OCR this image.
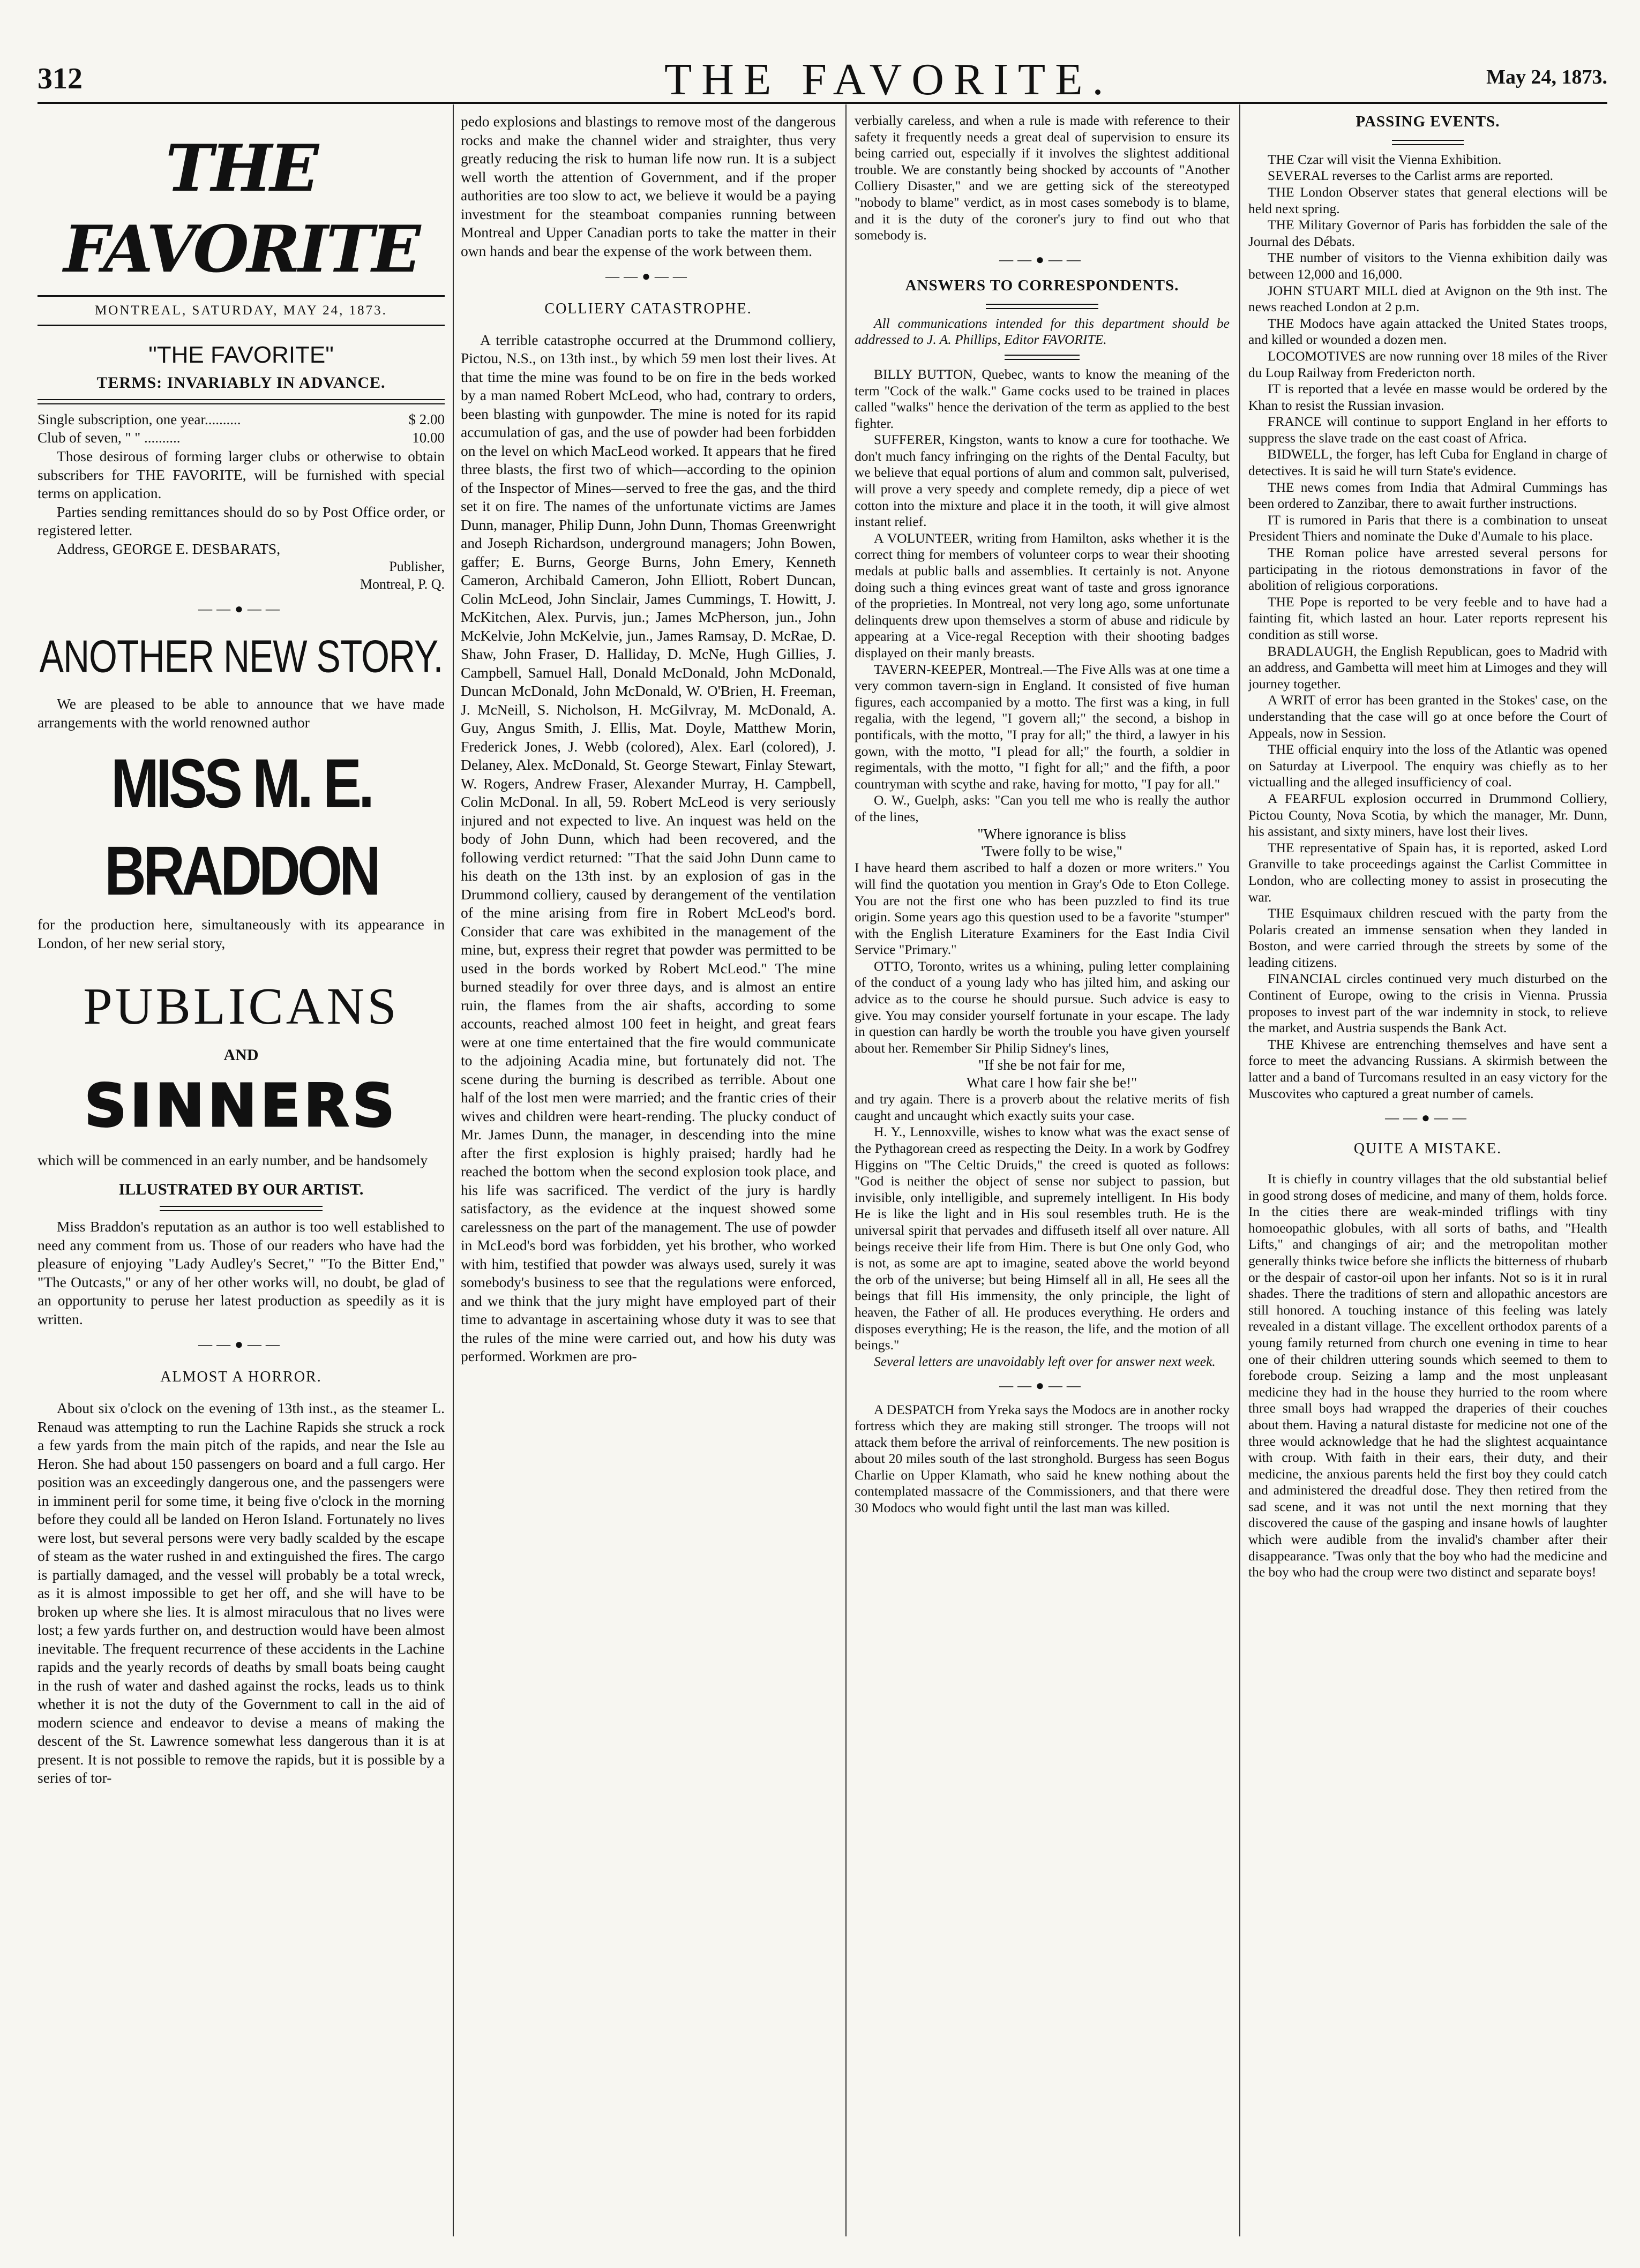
312	THE FAVORITE.	May 24, 1873.
THE FAVORITE
MONTREAL, SATURDAY, MAY 24, 1873.
"THE FAVORITE"
TERMS: INVARIABLY IN ADVANCE.
Single subscription, one year..........	$ 2.00
Club of seven, " " ..........	10.00

Those desirous of forming larger clubs or otherwise to obtain subscribers for THE FAVORITE, will be furnished with special terms on application.

Parties sending remittances should do so by Post Office order, or registered letter.

Address, GEORGE E. DESBARATS,

Publisher,
Montreal, P. Q.
——●——
ANOTHER NEW STORY.

We are pleased to be able to announce that we have made arrangements with the world renowned author

MISS M. E. BRADDON

for the production here, simultaneously with its appearance in London, of her new serial story,

PUBLICANS
AND
SINNERS

which will be commenced in an early number, and be handsomely

ILLUSTRATED BY OUR ARTIST.

Miss Braddon's reputation as an author is too well established to need any comment from us. Those of our readers who have had the pleasure of enjoying "Lady Audley's Secret," "To the Bitter End," "The Outcasts," or any of her other works will, no doubt, be glad of an opportunity to peruse her latest production as speedily as it is written.

——●——
ALMOST A HORROR.

About six o'clock on the evening of 13th inst., as the steamer L. Renaud was attempting to run the Lachine Rapids she struck a rock a few yards from the main pitch of the rapids, and near the Isle au Heron. She had about 150 passengers on board and a full cargo. Her position was an exceedingly dangerous one, and the passengers were in imminent peril for some time, it being five o'clock in the morning before they could all be landed on Heron Island. Fortunately no lives were lost, but several persons were very badly scalded by the escape of steam as the water rushed in and extinguished the fires. The cargo is partially damaged, and the vessel will probably be a total wreck, as it is almost impossible to get her off, and she will have to be broken up where she lies. It is almost miraculous that no lives were lost; a few yards further on, and destruction would have been almost inevitable. The frequent recurrence of these accidents in the Lachine rapids and the yearly records of deaths by small boats being caught in the rush of water and dashed against the rocks, leads us to think whether it is not the duty of the Government to call in the aid of modern science and endeavor to devise a means of making the descent of the St. Lawrence somewhat less dangerous than it is at present. It is not possible to remove the rapids, but it is possible by a series of tor-

pedo explosions and blastings to remove most of the dangerous rocks and make the channel wider and straighter, thus very greatly reducing the risk to human life now run. It is a subject well worth the attention of Government, and if the proper authorities are too slow to act, we believe it would be a paying investment for the steamboat companies running between Montreal and Upper Canadian ports to take the matter in their own hands and bear the expense of the work between them.

——●——
COLLIERY CATASTROPHE.

A terrible catastrophe occurred at the Drummond colliery, Pictou, N.S., on 13th inst., by which 59 men lost their lives. At that time the mine was found to be on fire in the beds worked by a man named Robert McLeod, who had, contrary to orders, been blasting with gunpowder. The mine is noted for its rapid accumulation of gas, and the use of powder had been forbidden on the level on which MacLeod worked. It appears that he fired three blasts, the first two of which—according to the opinion of the Inspector of Mines—served to free the gas, and the third set it on fire. The names of the unfortunate victims are James Dunn, manager, Philip Dunn, John Dunn, Thomas Greenwright and Joseph Richardson, underground managers; John Bowen, gaffer; E. Burns, George Burns, John Emery, Kenneth Cameron, Archibald Cameron, John Elliott, Robert Duncan, Colin McLeod, John Sinclair, James Cummings, T. Howitt, J. McKitchen, Alex. Purvis, jun.; James McPherson, jun., John McKelvie, John McKelvie, jun., James Ramsay, D. McRae, D. Shaw, John Fraser, D. Halliday, D. McNe, Hugh Gillies, J. Campbell, Samuel Hall, Donald McDonald, John McDonald, Duncan McDonald, John McDonald, W. O'Brien, H. Freeman, J. McNeill, S. Nicholson, H. McGilvray, M. McDonald, A. Guy, Angus Smith, J. Ellis, Mat. Doyle, Matthew Morin, Frederick Jones, J. Webb (colored), Alex. Earl (colored), J. Delaney, Alex. McDonald, St. George Stewart, Finlay Stewart, W. Rogers, Andrew Fraser, Alexander Murray, H. Campbell, Colin McDonal. In all, 59. Robert McLeod is very seriously injured and not expected to live. An inquest was held on the body of John Dunn, which had been recovered, and the following verdict returned: "That the said John Dunn came to his death on the 13th inst. by an explosion of gas in the Drummond colliery, caused by derangement of the ventilation of the mine arising from fire in Robert McLeod's bord. Consider that care was exhibited in the management of the mine, but, express their regret that powder was permitted to be used in the bords worked by Robert McLeod." The mine burned steadily for over three days, and is almost an entire ruin, the flames from the air shafts, according to some accounts, reached almost 100 feet in height, and great fears were at one time entertained that the fire would communicate to the adjoining Acadia mine, but fortunately did not. The scene during the burning is described as terrible. About one half of the lost men were married; and the frantic cries of their wives and children were heart-rending. The plucky conduct of Mr. James Dunn, the manager, in descending into the mine after the first explosion is highly praised; hardly had he reached the bottom when the second explosion took place, and his life was sacrificed. The verdict of the jury is hardly satisfactory, as the evidence at the inquest showed some carelessness on the part of the management. The use of powder in McLeod's bord was forbidden, yet his brother, who worked with him, testified that powder was always used, surely it was somebody's business to see that the regulations were enforced, and we think that the jury might have employed part of their time to advantage in ascertaining whose duty it was to see that the rules of the mine were carried out, and how his duty was performed. Workmen are pro-

verbially careless, and when a rule is made with reference to their safety it frequently needs a great deal of supervision to ensure its being carried out, especially if it involves the slightest additional trouble. We are constantly being shocked by accounts of "Another Colliery Disaster," and we are getting sick of the stereotyped "nobody to blame" verdict, as in most cases somebody is to blame, and it is the duty of the coroner's jury to find out who that somebody is.

——●——
ANSWERS TO CORRESPONDENTS.

All communications intended for this department should be addressed to J. A. Phillips, Editor FAVORITE.

BILLY BUTTON, Quebec, wants to know the meaning of the term "Cock of the walk." Game cocks used to be trained in places called "walks" hence the derivation of the term as applied to the best fighter.

SUFFERER, Kingston, wants to know a cure for toothache. We don't much fancy infringing on the rights of the Dental Faculty, but we believe that equal portions of alum and common salt, pulverised, will prove a very speedy and complete remedy, dip a piece of wet cotton into the mixture and place it in the tooth, it will give almost instant relief.

A VOLUNTEER, writing from Hamilton, asks whether it is the correct thing for members of volunteer corps to wear their shooting medals at public balls and assemblies. It certainly is not. Anyone doing such a thing evinces great want of taste and gross ignorance of the proprieties. In Montreal, not very long ago, some unfortunate delinquents drew upon themselves a storm of abuse and ridicule by appearing at a Vice-regal Reception with their shooting badges displayed on their manly breasts.

TAVERN-KEEPER, Montreal.—The Five Alls was at one time a very common tavern-sign in England. It consisted of five human figures, each accompanied by a motto. The first was a king, in full regalia, with the legend, "I govern all;" the second, a bishop in pontificals, with the motto, "I pray for all;" the third, a lawyer in his gown, with the motto, "I plead for all;" the fourth, a soldier in regimentals, with the motto, "I fight for all;" and the fifth, a poor countryman with scythe and rake, having for motto, "I pay for all."

O. W., Guelph, asks: "Can you tell me who is really the author of the lines,

"Where ignorance is bliss

'Twere folly to be wise,"

I have heard them ascribed to half a dozen or more writers." You will find the quotation you mention in Gray's Ode to Eton College. You are not the first one who has been puzzled to find its true origin. Some years ago this question used to be a favorite "stumper" with the English Literature Examiners for the East India Civil Service "Primary."

OTTO, Toronto, writes us a whining, puling letter complaining of the conduct of a young lady who has jilted him, and asking our advice as to the course he should pursue. Such advice is easy to give. You may consider yourself fortunate in your escape. The lady in question can hardly be worth the trouble you have given yourself about her. Remember Sir Philip Sidney's lines,

"If she be not fair for me,

What care I how fair she be!"

and try again. There is a proverb about the relative merits of fish caught and uncaught which exactly suits your case.

H. Y., Lennoxville, wishes to know what was the exact sense of the Pythagorean creed as respecting the Deity. In a work by Godfrey Higgins on "The Celtic Druids," the creed is quoted as follows: "God is neither the object of sense nor subject to passion, but invisible, only intelligible, and supremely intelligent. In His body He is like the light and in His soul resembles truth. He is the universal spirit that pervades and diffuseth itself all over nature. All beings receive their life from Him. There is but One only God, who is not, as some are apt to imagine, seated above the world beyond the orb of the universe; but being Himself all in all, He sees all the beings that fill His immensity, the only principle, the light of heaven, the Father of all. He produces everything. He orders and disposes everything; He is the reason, the life, and the motion of all beings."

Several letters are unavoidably left over for answer next week.

——●——

A DESPATCH from Yreka says the Modocs are in another rocky fortress which they are making still stronger. The troops will not attack them before the arrival of reinforcements. The new position is about 20 miles south of the last stronghold. Burgess has seen Bogus Charlie on Upper Klamath, who said he knew nothing about the contemplated massacre of the Commissioners, and that there were 30 Modocs who would fight until the last man was killed.

PASSING EVENTS.

THE Czar will visit the Vienna Exhibition.

SEVERAL reverses to the Carlist arms are reported.

THE London Observer states that general elections will be held next spring.

THE Military Governor of Paris has forbidden the sale of the Journal des Débats.

THE number of visitors to the Vienna exhibition daily was between 12,000 and 16,000.

JOHN STUART MILL died at Avignon on the 9th inst. The news reached London at 2 p.m.

THE Modocs have again attacked the United States troops, and killed or wounded a dozen men.

LOCOMOTIVES are now running over 18 miles of the River du Loup Railway from Fredericton north.

IT is reported that a levée en masse would be ordered by the Khan to resist the Russian invasion.

FRANCE will continue to support England in her efforts to suppress the slave trade on the east coast of Africa.

BIDWELL, the forger, has left Cuba for England in charge of detectives. It is said he will turn State's evidence.

THE news comes from India that Admiral Cummings has been ordered to Zanzibar, there to await further instructions.

IT is rumored in Paris that there is a combination to unseat President Thiers and nominate the Duke d'Aumale to his place.

THE Roman police have arrested several persons for participating in the riotous demonstrations in favor of the abolition of religious corporations.

THE Pope is reported to be very feeble and to have had a fainting fit, which lasted an hour. Later reports represent his condition as still worse.

BRADLAUGH, the English Republican, goes to Madrid with an address, and Gambetta will meet him at Limoges and they will journey together.

A WRIT of error has been granted in the Stokes' case, on the understanding that the case will go at once before the Court of Appeals, now in Session.

THE official enquiry into the loss of the Atlantic was opened on Saturday at Liverpool. The enquiry was chiefly as to her victualling and the alleged insufficiency of coal.

A FEARFUL explosion occurred in Drummond Colliery, Pictou County, Nova Scotia, by which the manager, Mr. Dunn, his assistant, and sixty miners, have lost their lives.

THE representative of Spain has, it is reported, asked Lord Granville to take proceedings against the Carlist Committee in London, who are collecting money to assist in prosecuting the war.

THE Esquimaux children rescued with the party from the Polaris created an immense sensation when they landed in Boston, and were carried through the streets by some of the leading citizens.

FINANCIAL circles continued very much disturbed on the Continent of Europe, owing to the crisis in Vienna. Prussia proposes to invest part of the war indemnity in stock, to relieve the market, and Austria suspends the Bank Act.

THE Khivese are entrenching themselves and have sent a force to meet the advancing Russians. A skirmish between the latter and a band of Turcomans resulted in an easy victory for the Muscovites who captured a great number of camels.

——●——
QUITE A MISTAKE.

It is chiefly in country villages that the old substantial belief in good strong doses of medicine, and many of them, holds force. In the cities there are weak-minded triflings with tiny homoeopathic globules, with all sorts of baths, and "Health Lifts," and changings of air; and the metropolitan mother generally thinks twice before she inflicts the bitterness of rhubarb or the despair of castor-oil upon her infants. Not so is it in rural shades. There the traditions of stern and allopathic ancestors are still honored. A touching instance of this feeling was lately revealed in a distant village. The excellent orthodox parents of a young family returned from church one evening in time to hear one of their children uttering sounds which seemed to them to forebode croup. Seizing a lamp and the most unpleasant medicine they had in the house they hurried to the room where three small boys had wrapped the draperies of their couches about them. Having a natural distaste for medicine not one of the three would acknowledge that he had the slightest acquaintance with croup. With faith in their ears, their duty, and their medicine, the anxious parents held the first boy they could catch and administered the dreadful dose. They then retired from the sad scene, and it was not until the next morning that they discovered the cause of the gasping and insane howls of laughter which were audible from the invalid's chamber after their disappearance. 'Twas only that the boy who had the medicine and the boy who had the croup were two distinct and separate boys!
